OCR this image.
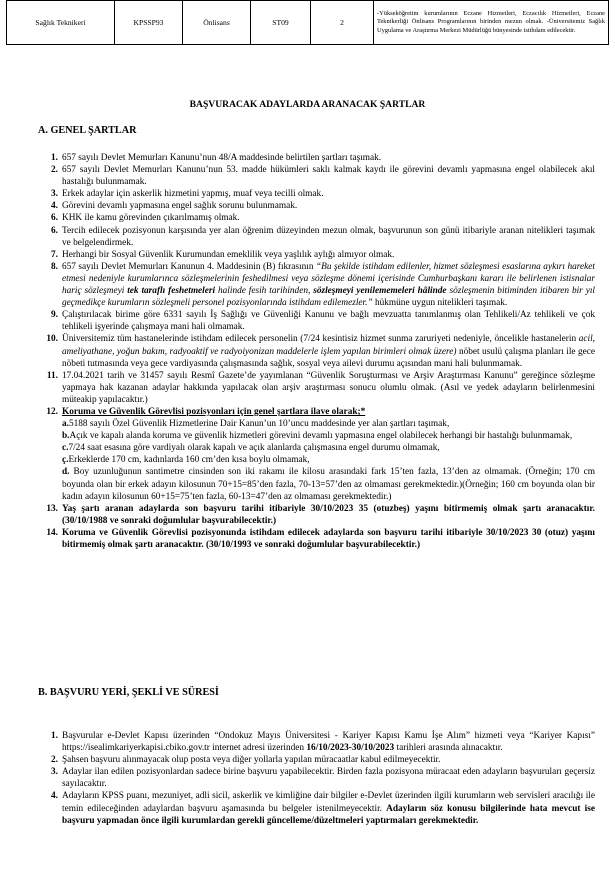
Sağlık Teknikeri	KPSSP93	Önlisans	ST09	2	-Yükseköğretim kurumlarının Eczane Hizmetleri, Eczacılık Hizmetleri, Eczane Teknikerliği Önlisans Programlarının birinden mezun olmak. -Üniversitemiz Sağlık Uygulama ve Araştırma Merkezi Müdürlüğü bünyesinde istihdam edilecektir.
BAŞVURACAK ADAYLARDA ARANACAK ŞARTLAR
A. GENEL ŞARTLAR

1. 657 sayılı Devlet Memurları Kanunu’nun 48/A maddesinde belirtilen şartları taşımak.

2. 657 sayılı Devlet Memurları Kanunu’nun 53. madde hükümleri saklı kalmak kaydı ile görevini devamlı yapmasına engel olabilecek akıl hastalığı bulunmamak.

3. Erkek adaylar için askerlik hizmetini yapmış, muaf veya tecilli olmak.

4. Görevini devamlı yapmasına engel sağlık sorunu bulunmamak.

6. KHK ile kamu görevinden çıkarılmamış olmak.

6. Tercih edilecek pozisyonun karşısında yer alan öğrenim düzeyinden mezun olmak, başvurunun son günü itibariyle aranan nitelikleri taşımak ve belgelendirmek.

7. Herhangi bir Sosyal Güvenlik Kurumundan emeklilik veya yaşlılık aylığı almıyor olmak.

8. 657 sayılı Devlet Memurları Kanunun 4. Maddesinin (B) fıkrasının “Bu şekilde istihdam edilenler, hizmet sözleşmesi esaslarına aykırı hareket etmesi nedeniyle kurumlarınca sözleşmelerinin feshedilmesi veya sözleşme dönemi içerisinde Cumhurbaşkanı kararı ile belirlenen istisnalar hariç sözleşmeyi tek taraflı feshetmeleri halinde fesih tarihinden, sözleşmeyi yenilememeleri hâlinde sözleşmenin bitiminden itibaren bir yıl geçmedikçe kurumların sözleşmeli personel pozisyonlarında istihdam edilemezler.” hükmüne uygun nitelikleri taşımak.

9. Çalıştırılacak birime göre 6331 sayılı İş Sağlığı ve Güvenliği Kanunu ve bağlı mevzuatta tanımlanmış olan Tehlikeli/Az tehlikeli ve çok tehlikeli işyerinde çalışmaya mani hali olmamak.

10. Üniversitemiz tüm hastanelerinde istihdam edilecek personelin (7/24 kesintisiz hizmet sunma zaruriyeti nedeniyle, öncelikle hastanelerin acil, ameliyathane, yoğun bakım, radyoaktif ve radyoiyonizan maddelerle işlem yapılan birimleri olmak üzere) nöbet usulü çalışma planları ile gece nöbeti tutmasında veya gece vardiyasında çalışmasında sağlık, sosyal veya ailevi durumu açısından mani hali bulunmamak.

11. 17.04.2021 tarih ve 31457 sayılı Resmî Gazete’de yayımlanan “Güvenlik Soruşturması ve Arşiv Araştırması Kanunu” gereğince sözleşme yapmaya hak kazanan adaylar hakkında yapılacak olan arşiv araştırması sonucu olumlu olmak. (Asıl ve yedek adayların belirlenmesini müteakip yapılacaktır.)

12. Koruma ve Güvenlik Görevlisi pozisyonları için genel şartlara ilave olarak;*
a.5188 sayılı Özel Güvenlik Hizmetlerine Dair Kanun’un 10’uncu maddesinde yer alan şartları taşımak,
b.Açık ve kapalı alanda koruma ve güvenlik hizmetleri görevini devamlı yapmasına engel olabilecek herhangi bir hastalığı bulunmamak,
c.7/24 saat esasına göre vardiyalı olarak kapalı ve açık alanlarda çalışmasına engel durumu olmamak,
ç.Erkeklerde 170 cm, kadınlarda 160 cm’den kısa boylu olmamak,
d. Boy uzunluğunun santimetre cinsinden son iki rakamı ile kilosu arasındaki fark 15’ten fazla, 13’den az olmamak. (Örneğin; 170 cm boyunda olan bir erkek adayın kilosunun 70+15=85’den fazla, 70-13=57’den az olmaması gerekmektedir.)(Örneğin; 160 cm boyunda olan bir kadın adayın kilosunun 60+15=75’ten fazla, 60-13=47’den az olmaması gerekmektedir.)

13. Yaş şartı aranan adaylarda son başvuru tarihi itibariyle 30/10/2023 35 (otuzbeş) yaşını bitirmemiş olmak şartı aranacaktır. (30/10/1988 ve sonraki doğumlular başvurabilecektir.)

14. Koruma ve Güvenlik Görevlisi pozisyonunda istihdam edilecek adaylarda son başvuru tarihi itibariyle 30/10/2023 30 (otuz) yaşını bitirmemiş olmak şartı aranacaktır. (30/10/1993 ve sonraki doğumlular başvurabilecektir.)

B. BAŞVURU YERİ, ŞEKLİ VE SÜRESİ

1. Başvurular e-Devlet Kapısı üzerinden “Ondokuz Mayıs Üniversitesi - Kariyer Kapısı Kamu İşe Alım” hizmeti veya “Kariyer Kapısı” https://isealimkariyerkapisi.cbiko.gov.tr internet adresi üzerinden 16/10/2023-30/10/2023 tarihleri arasında alınacaktır.

2. Şahsen başvuru alınmayacak olup posta veya diğer yollarla yapılan müracaatlar kabul edilmeyecektir.

3. Adaylar ilan edilen pozisyonlardan sadece birine başvuru yapabilecektir. Birden fazla pozisyona müracaat eden adayların başvuruları geçersiz sayılacaktır.

4. Adayların KPSS puanı, mezuniyet, adli sicil, askerlik ve kimliğine dair bilgiler e-Devlet üzerinden ilgili kurumların web servisleri aracılığı ile temin edileceğinden adaylardan başvuru aşamasında bu belgeler istenilmeyecektir. Adayların söz konusu bilgilerinde hata mevcut ise başvuru yapmadan önce ilgili kurumlardan gerekli güncelleme/düzeltmeleri yaptırmaları gerekmektedir.
